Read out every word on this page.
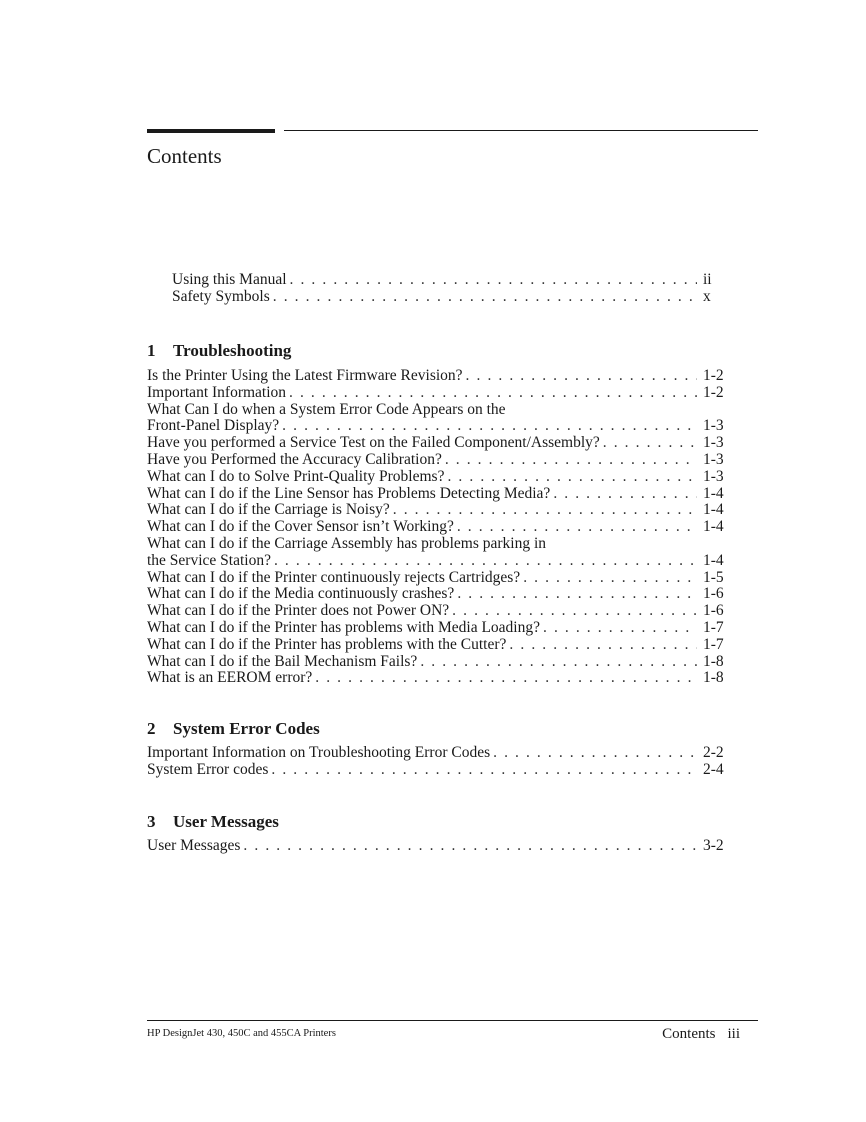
Contents
Using this Manual . . .	ii
Safety Symbols . . .	x
1 Troubleshooting
Is the Printer Using the Latest Firmware Revision? . . .	1-2
Important Information . . .	1-2
What Can I do when a System Error Code Appears on the
Front-Panel Display? . . .	1-3
Have you performed a Service Test on the Failed Component/Assembly? . . .	1-3
Have you Performed the Accuracy Calibration? . . .	1-3
What can I do to Solve Print-Quality Problems? . . .	1-3
What can I do if the Line Sensor has Problems Detecting Media? . . .	1-4
What can I do if the Carriage is Noisy? . . .	1-4
What can I do if the Cover Sensor isn’t Working? . . .	1-4
What can I do if the Carriage Assembly has problems parking in
the Service Station? . . .	1-4
What can I do if the Printer continuously rejects Cartridges? . . .	1-5
What can I do if the Media continuously crashes? . . .	1-6
What can I do if the Printer does not Power ON? . . .	1-6
What can I do if the Printer has problems with Media Loading? . . .	1-7
What can I do if the Printer has problems with the Cutter? . . .	1-7
What can I do if the Bail Mechanism Fails? . . .	1-8
What is an EEROM error? . . .	1-8
2 System Error Codes
Important Information on Troubleshooting Error Codes . . .	2-2
System Error codes . . .	2-4
3 User Messages
User Messages . . .	3-2
HP DesignJet 430, 450C and 455CA Printers	Contents iii
